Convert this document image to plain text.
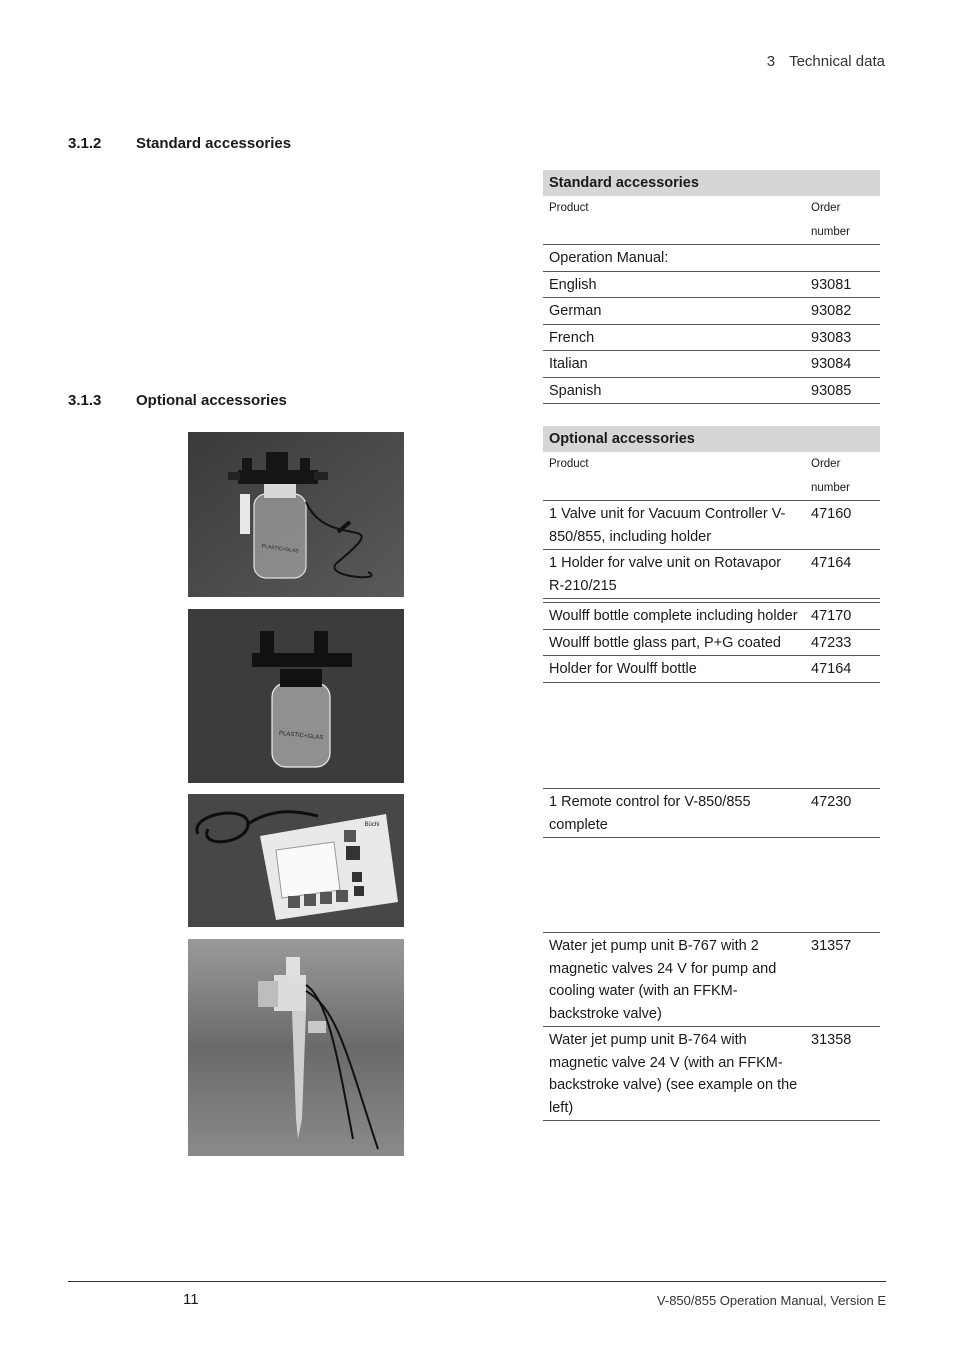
3 Technical data
3.1.2 Standard accessories
Standard accessories	
Product	Order number
Operation Manual:	
English	93081
German	93082
French	93083
Italian	93084
Spanish	93085
3.1.3 Optional accessories
Optional accessories	
Product	Order number
1 Valve unit for Vacuum Controller V-850/855, including holder	47160
1 Holder for valve unit on Rotavapor R-210/215	47164
Woulff bottle complete including holder	47170
Woulff bottle glass part, P+G coated	47233
Holder for Woulff bottle	47164
1 Remote control for V-850/855 complete	47230
Water jet pump unit B-767 with 2 magnetic valves 24 V for pump and cooling water (with an FFKM-backstroke valve)	31357
Water jet pump unit B-764 with magnetic valve 24 V (with an FFKM-backstroke valve) (see example on the left)	31358
PLASTIC+GLAS
PLASTIC+GLAS
Büchi
11	V-850/855 Operation Manual, Version E
